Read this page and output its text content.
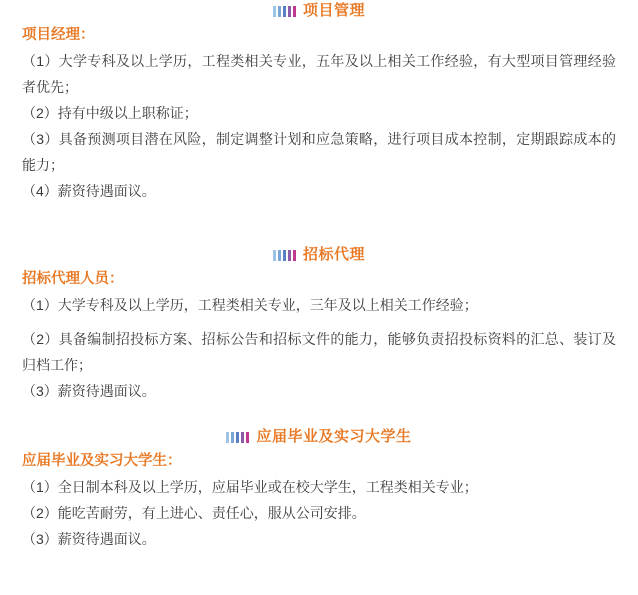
项目管理
项目经理：
（1）大学专科及以上学历，工程类相关专业，五年及以上相关工作经验，有大型项目管理经验者优先；
（2）持有中级以上职称证；
（3）具备预测项目潜在风险，制定调整计划和应急策略，进行项目成本控制，定期跟踪成本的能力；
（4）薪资待遇面议。
招标代理
招标代理人员：
（1）大学专科及以上学历，工程类相关专业，三年及以上相关工作经验；
（2）具备编制招投标方案、招标公告和招标文件的能力，能够负责招投标资料的汇总、装订及归档工作；
（3）薪资待遇面议。
应届毕业及实习大学生
应届毕业及实习大学生：
（1）全日制本科及以上学历，应届毕业或在校大学生，工程类相关专业；
（2）能吃苦耐劳，有上进心、责任心，服从公司安排。
（3）薪资待遇面议。
